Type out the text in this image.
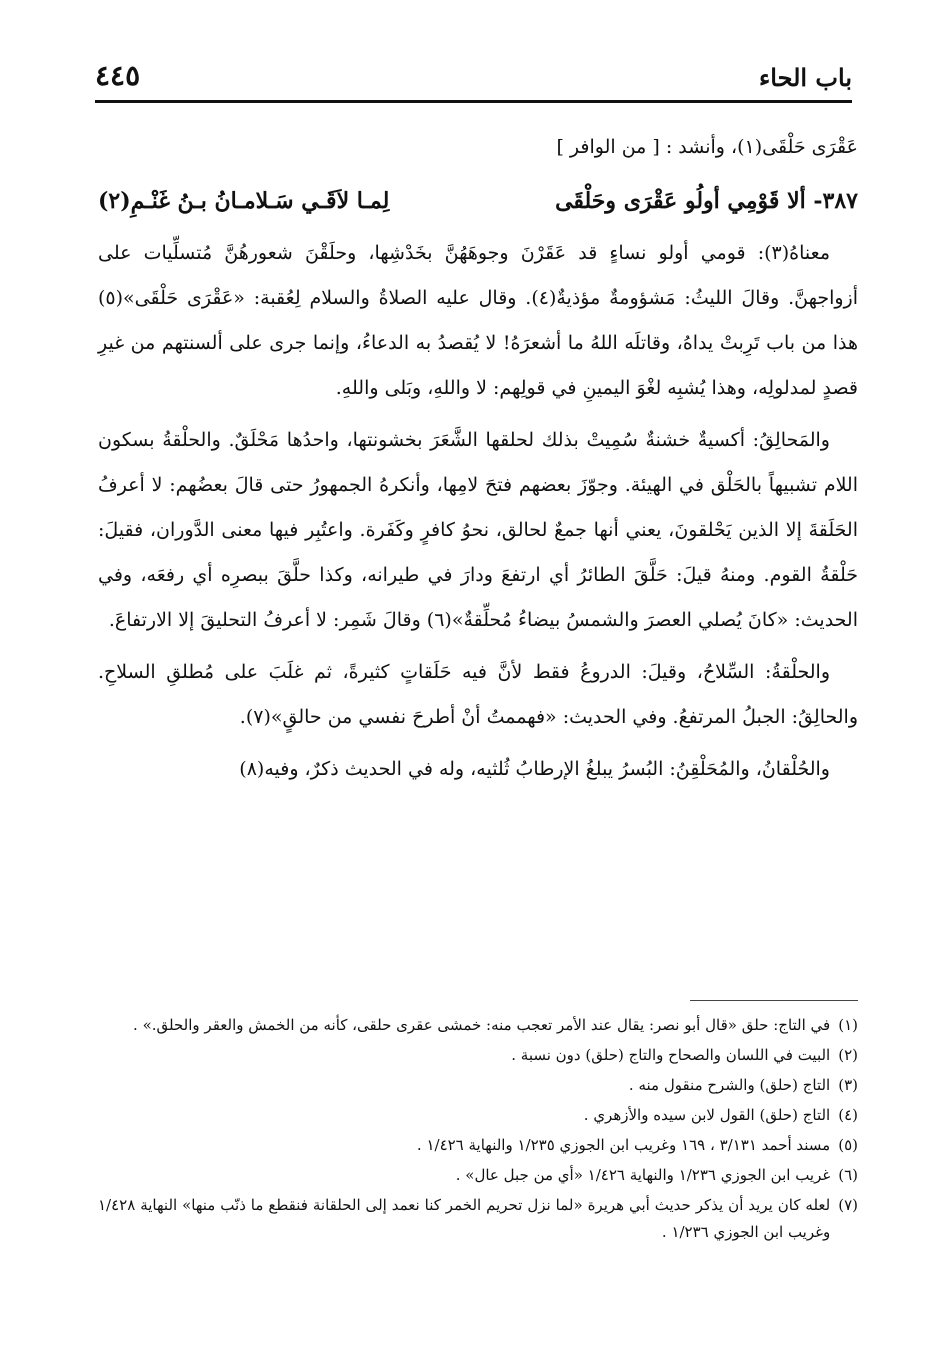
٤٤٥	باب الحاء

عَقْرَى حَلْقَى(١)، وأنشد : [ من الوافر ]

٣٨٧- ألا قَوْمِي أولُو عَقْرَى وحَلْقَى
لِمـا لاَقَـي سَـلامـانُ بـنُ غَنْـمِ(٢)

معناهُ(٣): قومي أولو نساءٍ قد عَقَرْنَ وجوهَهُنَّ بخَدْشِها، وحلَقْنَ شعورهُنَّ مُتسلِّيات على أزواجهنَّ. وقالَ الليثُ: مَشؤومةٌ مؤذيةٌ(٤). وقال عليه الصلاةُ والسلام لِعُقبة: «عَقْرَى حَلْقَى»(٥) هذا من باب تَرِبتْ يداهُ، وقاتلَه اللهُ ما أشعرَهُ! لا يُقصدُ به الدعاءُ، وإنما جرى على ألسنتهم من غيرِ قصدٍ لمدلولِه، وهذا يُشبِه لغْوَ اليمينِ في قولِهم: لا واللهِ، وبَلى واللهِ.

والمَحالِقُ: أكسيةٌ خشنةٌ سُمِيتْ بذلك لحلقها الشَّعَرَ بخشونتها، واحدُها مَحْلَقٌ. والحلْقةُ بسكون اللام تشبيهاً بالحَلْق في الهيئة. وجوّزَ بعضهم فتحَ لامِها، وأنكرهُ الجمهورُ حتى قالَ بعضُهم: لا أعرفُ الحَلَقةَ إلا الذين يَحْلقونَ، يعني أنها جمعٌ لحالق، نحوُ كافرٍ وكَفَرة. واعتُبِر فيها معنى الدَّوران، فقيلَ: حَلْقةُ القوم. ومنهُ قيلَ: حَلَّقَ الطائرُ أي ارتفعَ ودارَ في طيرانه، وكذا حلَّقَ ببصرِه أي رفعَه، وفي الحديث: «كانَ يُصلي العصرَ والشمسُ بيضاءُ مُحلِّقةٌ»(٦) وقالَ شَمِر: لا أعرفُ التحليقَ إلا الارتفاعَ.

والحلْقةُ: السِّلاحُ، وقيلَ: الدروعُ فقط لأنَّ فيه حَلَقاتٍ كثيرةً، ثم غلَبَ على مُطلقِ السلاحِ. والحالِقُ: الجبلُ المرتفعُ. وفي الحديث: «فهممتُ أنْ أطرحَ نفسي من حالقٍ»(٧).

والحُلْقانُ، والمُحَلْقِنُ: البُسرُ يبلغُ الإرطابُ ثُلثيه، وله في الحديث ذكرٌ، وفيه(٨)

(١)
في التاج: حلق «قال أبو نصر: يقال عند الأمر تعجب منه: خمشى عقرى حلقى، كأنه من الخمش والعقر والحلق.» .
(٢)
البيت في اللسان والصحاح والتاج (حلق) دون نسبة .
(٣)
التاج (حلق) والشرح منقول منه .
(٤)
التاج (حلق) القول لابن سيده والأزهري .
(٥)
مسند أحمد ٣/١٣١ ، ١٦٩ وغريب ابن الجوزي ١/٢٣٥ والنهاية ١/٤٢٦ .
(٦)
غريب ابن الجوزي ١/٢٣٦ والنهاية ١/٤٢٦ «أي من جبل عال» .
(٧)
لعله كان يريد أن يذكر حديث أبي هريرة «لما نزل تحريم الخمر كنا نعمد إلى الحلقانة فنقطع ما ذنّب منها» النهاية ١/٤٢٨ وغريب ابن الجوزي ١/٢٣٦ .
